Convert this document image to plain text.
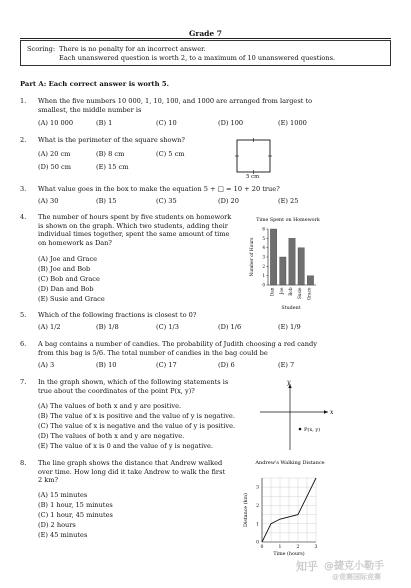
Grade 7
Scoring: There is no penalty for an incorrect answer.
Each unanswered question is worth 2, to a maximum of 10 unanswered questions.
Part A: Each correct answer is worth 5.
1.	When the five numbers 10 000, 1, 10, 100, and 1000 are arranged from largest to
smallest, the middle number is
(A) 10 000	(B) 1	(C) 10	(D) 100	(E) 1000
2.	What is the perimeter of the square shown?
(A) 20 cm	(B) 8 cm	(C) 5 cm
(D) 50 cm	(E) 15 cm
5 cm
3.	What value goes in the box to make the equation 5 + □ = 10 + 20 true?
(A) 30	(B) 15	(C) 35	(D) 20	(E) 25
4.	The number of hours spent by five students on homework
is shown on the graph. Which two students, adding their
individual times together, spent the same amount of time
on homework as Dan?
(A) Joe and Grace
(B) Joe and Bob
(C) Bob and Grace
(D) Dan and Bob
(E) Susie and Grace
Time Spent on Homework
0
1
2
3
4
5
6
Dan Joe Bob Susie Grace
Student
Number of Hours
5.	Which of the following fractions is closest to 0?
(A) 1/2	(B) 1/8	(C) 1/3	(D) 1/6	(E) 1/9
6.	A bag contains a number of candies. The probability of Judith choosing a red candy
from this bag is 5/6. The total number of candies in the bag could be
(A) 3	(B) 10	(C) 17	(D) 6	(E) 7
7.	In the graph shown, which of the following statements is
true about the coordinates of the point P(x, y)?
(A) The values of both x and y are positive.
(B) The value of x is positive and the value of y is negative.
(C) The value of x is negative and the value of y is positive.
(D) The values of both x and y are negative.
(E) The value of x is 0 and the value of y is negative.
x
y
P(x, y)
8.	The line graph shows the distance that Andrew walked
over time. How long did it take Andrew to walk the first
2 km?
(A) 15 minutes
(B) 1 hour, 15 minutes
(C) 1 hour, 45 minutes
(D) 2 hours
(E) 45 minutes
Andrew's Walking Distance
0	1	2	3
0
1
2
3
Time (hours)
Distance (km)
知乎 @捷克小勒手
@竞赛国际竞赛
